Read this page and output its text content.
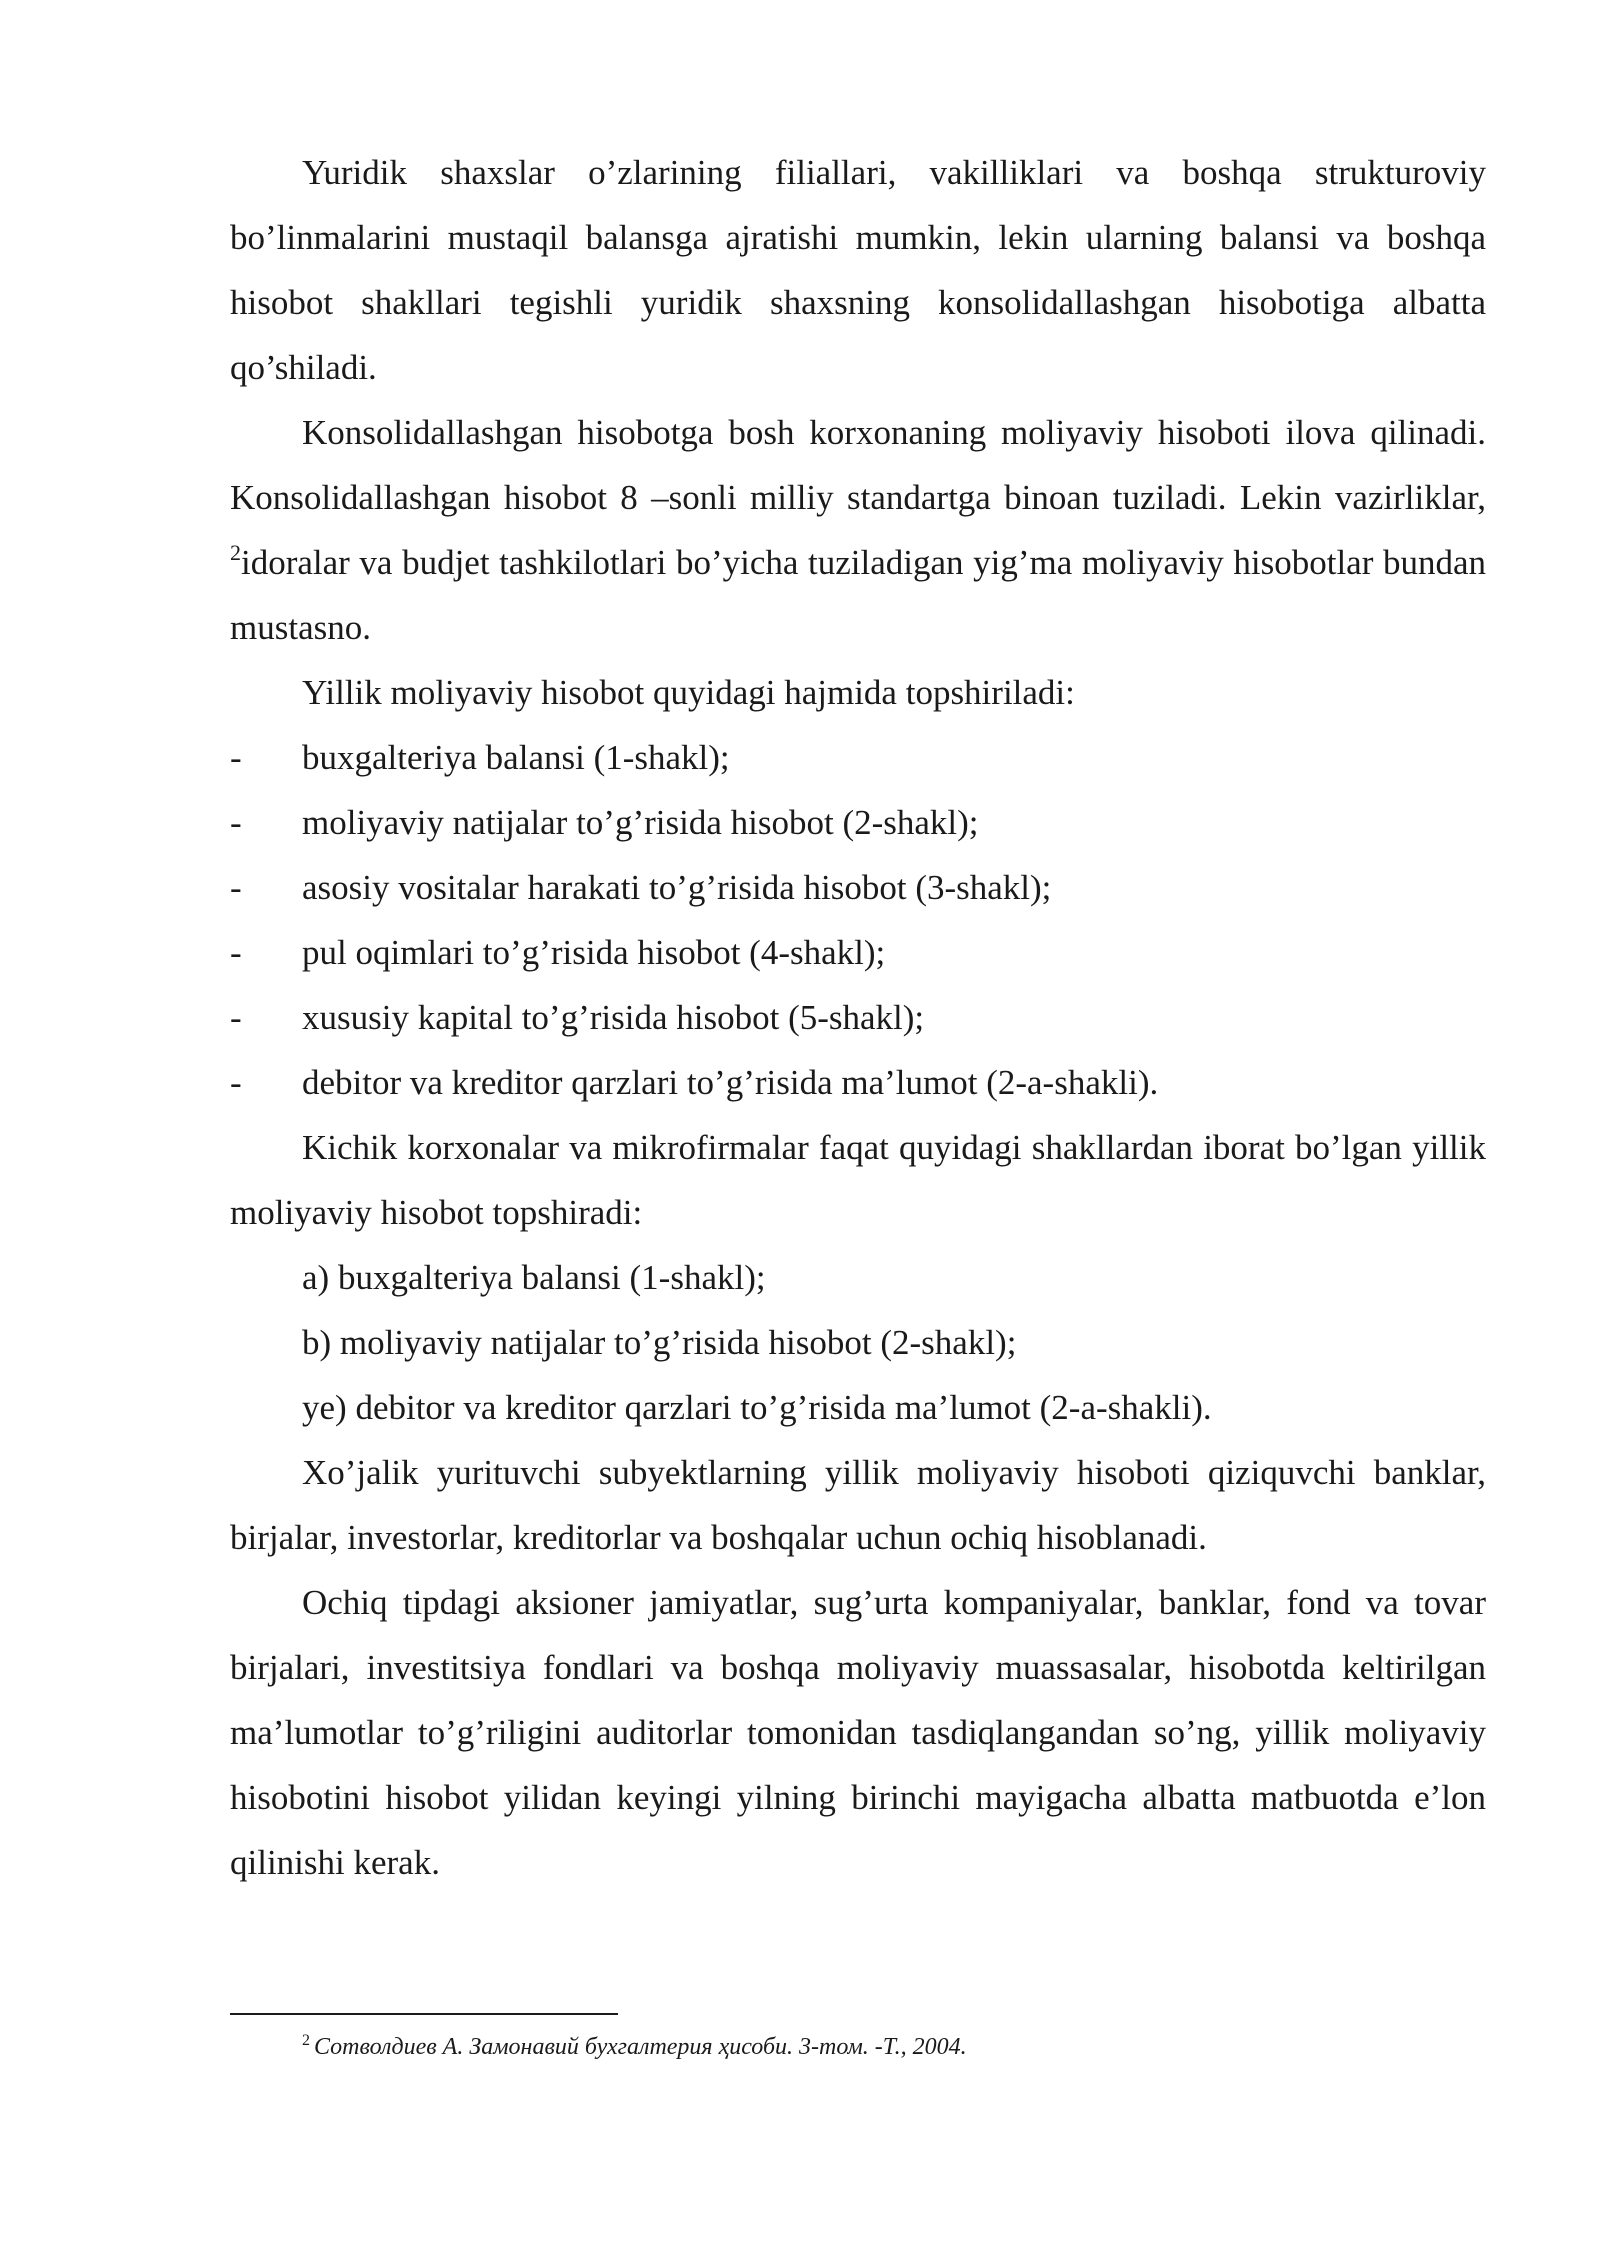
Yuridik shaxslar o’zlarining filiallari, vakilliklari va boshqa strukturoviy bo’linmalarini mustaqil balansga ajratishi mumkin, lekin ularning balansi va boshqa hisobot shakllari tegishli yuridik shaxsning konsolidallashgan hisobotiga albatta qo’shiladi.

Konsolidallashgan hisobotga bosh korxonaning moliyaviy hisoboti ilova qilinadi. Konsolidallashgan hisobot 8 –sonli milliy standartga binoan tuziladi. Lekin vazirliklar, $^2$idoralar va budjet tashkilotlari bo’yicha tuziladigan yig’ma moliyaviy hisobotlar bundan mustasno.

Yillik moliyaviy hisobot quyidagi hajmida topshiriladi:

- buxgalteriya balansi (1-shakl);
- moliyaviy natijalar to’g’risida hisobot (2-shakl);
- asosiy vositalar harakati to’g’risida hisobot (3-shakl);
- pul oqimlari to’g’risida hisobot (4-shakl);
- xususiy kapital to’g’risida hisobot (5-shakl);
- debitor va kreditor qarzlari to’g’risida ma’lumot (2-a-shakli).

Kichik korxonalar va mikrofirmalar faqat quyidagi shakllardan iborat bo’lgan yillik moliyaviy hisobot topshiradi:

a) buxgalteriya balansi (1-shakl);

b) moliyaviy natijalar to’g’risida hisobot (2-shakl);

ye) debitor va kreditor qarzlari to’g’risida ma’lumot (2-a-shakli).

Xo’jalik yurituvchi subyektlarning yillik moliyaviy hisoboti qiziquvchi banklar, birjalar, investorlar, kreditorlar va boshqalar uchun ochiq hisoblanadi.

Ochiq tipdagi aksioner jamiyatlar, sug’urta kompaniyalar, banklar, fond va tovar birjalari, investitsiya fondlari va boshqa moliyaviy muassasalar, hisobotda keltirilgan ma’lumotlar to’g’riligini auditorlar tomonidan tasdiqlangandan so’ng, yillik moliyaviy hisobotini hisobot yilidan keyingi yilning birinchi mayigacha albatta matbuotda e’lon qilinishi kerak.

$^2$ Сотволдиев А. Замонавий бухгалтерия ҳисоби. 3-том. -Т., 2004.
